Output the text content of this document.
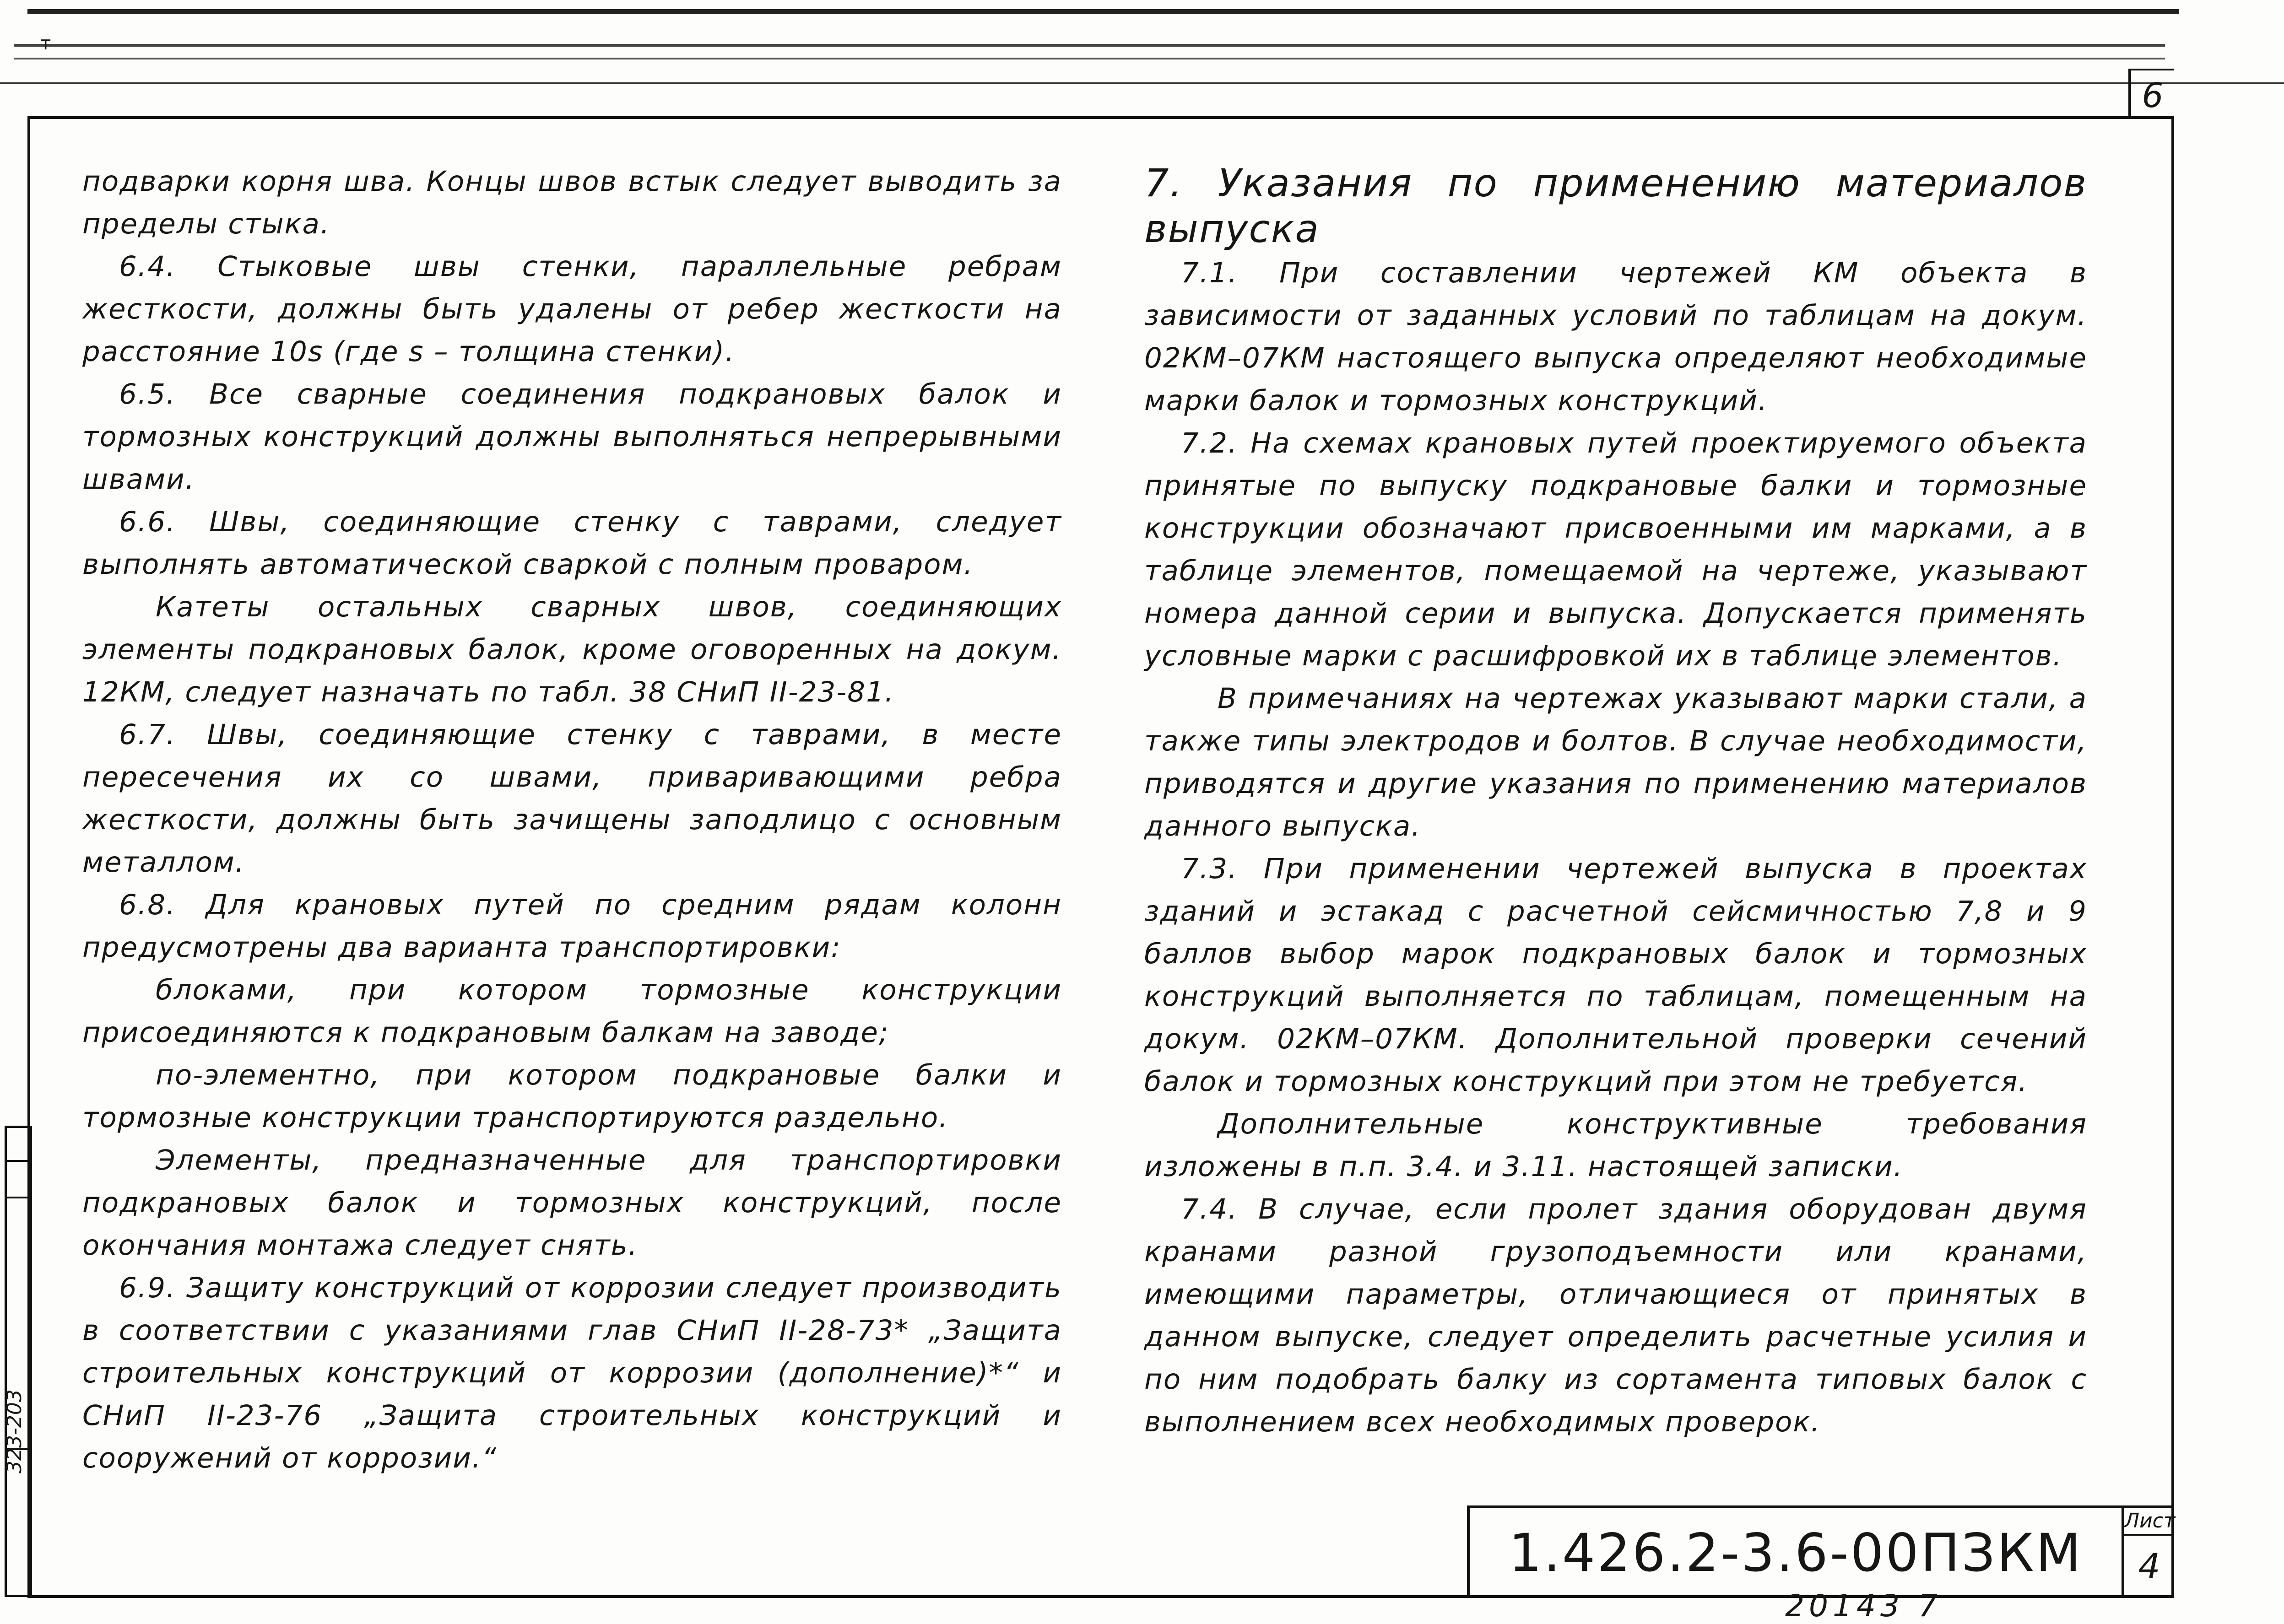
т
6
323-203

подварки корня шва. Концы швов встык следует выводить за пределы стыка.

6.4. Стыковые швы стенки, параллельные ребрам жесткости, должны быть удалены от ребер жесткости на расстояние 10s (где s – толщина стенки).

6.5. Все сварные соединения подкрановых балок и тормозных конструкций должны выполняться непрерывными швами.

6.6. Швы, соединяющие стенку с таврами, следует выполнять автоматической сваркой с полным проваром.

Катеты остальных сварных швов, соединяющих элементы подкрановых балок, кроме оговоренных на докум. 12КМ, следует назначать по табл. 38 СНиП II-23-81.

6.7. Швы, соединяющие стенку с таврами, в месте пересечения их со швами, приваривающими ребра жесткости, должны быть зачищены заподлицо с основным металлом.

6.8. Для крановых путей по средним рядам колонн предусмотрены два варианта транспортировки:

блоками, при котором тормозные конструкции присоединяются к подкрановым балкам на заводе;

по-элементно, при котором подкрановые балки и тормозные конструкции транспортируются раздельно.

Элементы, предназначенные для транспортировки подкрановых балок и тормозных конструкций, после окончания монтажа следует снять.

6.9. Защиту конструкций от коррозии следует производить в соответствии с указаниями глав СНиП II-28-73* „Защита строительных конструкций от коррозии (дополнение)*“ и СНиП II-23-76 „Защита строительных конструкций и сооружений от коррозии.“

7. Указания по применению материалов выпуска

7.1. При составлении чертежей КМ объекта в зависимости от заданных условий по таблицам на докум. 02КМ–07КМ настоящего выпуска определяют необходимые марки балок и тормозных конструкций.

7.2. На схемах крановых путей проектируемого объекта принятые по выпуску подкрановые балки и тормозные конструкции обозначают присвоенными им марками, а в таблице элементов, помещаемой на чертеже, указывают номера данной серии и выпуска. Допускается применять условные марки с расшифровкой их в таблице элементов.

В примечаниях на чертежах указывают марки стали, а также типы электродов и болтов. В случае необходимости, приводятся и другие указания по применению материалов данного выпуска.

7.3. При применении чертежей выпуска в проектах зданий и эстакад с расчетной сейсмичностью 7,8 и 9 баллов выбор марок подкрановых балок и тормозных конструкций выполняется по таблицам, помещенным на докум. 02КМ–07КМ. Дополнительной проверки сечений балок и тормозных конструкций при этом не требуется.

Дополнительные конструктивные требования изложены в п.п. 3.4. и 3.11. настоящей записки.

7.4. В случае, если пролет здания оборудован двумя кранами разной грузоподъемности или кранами, имеющими параметры, отличающиеся от принятых в данном выпуске, следует определить расчетные усилия и по ним подобрать балку из сортамента типовых балок с выполнением всех необходимых проверок.

1.426.2-3.6-00ПЗКМ
Лист
4
20143 7
